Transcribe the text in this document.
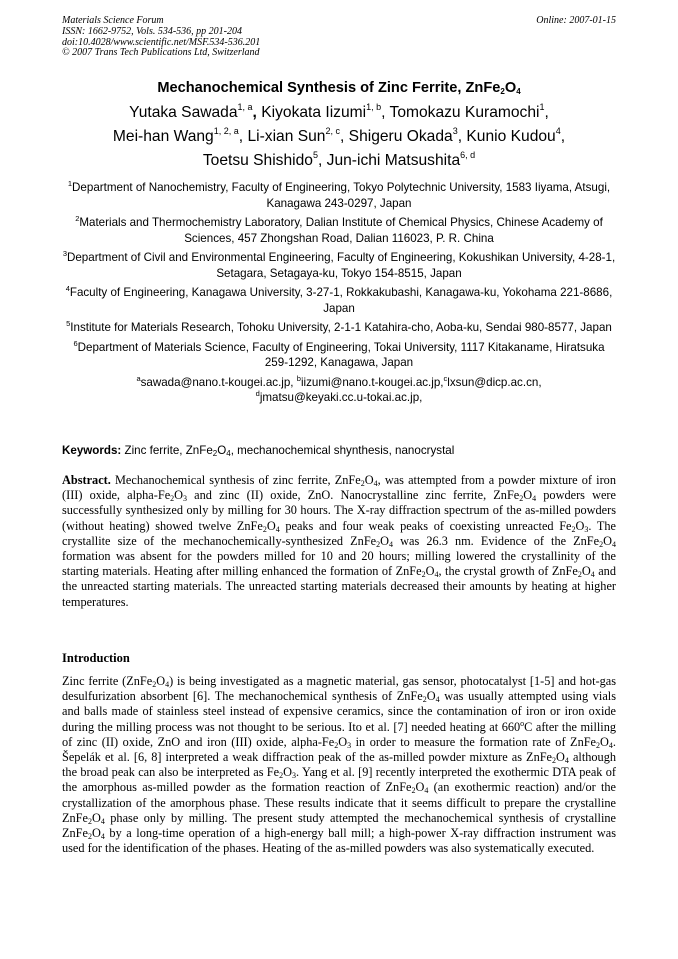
Materials Science Forum
ISSN: 1662-9752, Vols. 534-536, pp 201-204
doi:10.4028/www.scientific.net/MSF.534-536.201
© 2007 Trans Tech Publications Ltd, Switzerland
Online: 2007-01-15
Mechanochemical Synthesis of Zinc Ferrite, $ZnFe_2O_4$
Yutaka Sawada$^{1, a}$, Kiyokata Iizumi$^{1, b}$, Tomokazu Kuramochi$^1$,
Mei-han Wang$^{1, 2, a}$, Li-xian Sun$^{2, c}$, Shigeru Okada$^3$, Kunio Kudou$^4$,
Toetsu Shishido$^5$, Jun-ichi Matsushita$^{6, d}$
$^1$Department of Nanochemistry, Faculty of Engineering, Tokyo Polytechnic University, 1583 Iiyama, Atsugi, Kanagawa 243-0297, Japan
$^2$Materials and Thermochemistry Laboratory, Dalian Institute of Chemical Physics, Chinese Academy of Sciences, 457 Zhongshan Road, Dalian 116023, P. R. China
$^3$Department of Civil and Environmental Engineering, Faculty of Engineering, Kokushikan University, 4-28-1, Setagara, Setagaya-ku, Tokyo 154-8515, Japan
$^4$Faculty of Engineering, Kanagawa University, 3-27-1, Rokkakubashi, Kanagawa-ku, Yokohama 221-8686, Japan
$^5$Institute for Materials Research, Tohoku University, 2-1-1 Katahira-cho, Aoba-ku, Sendai 980-8577, Japan
$^6$Department of Materials Science, Faculty of Engineering, Tokai University, 1117 Kitakaname, Hiratsuka 259-1292, Kanagawa, Japan
$^a$sawada@nano.t-kougei.ac.jp, $^b$iizumi@nano.t-kougei.ac.jp,$^c$lxsun@dicp.ac.cn,
$^d$jmatsu@keyaki.cc.u-tokai.ac.jp,
Keywords: Zinc ferrite, $ZnFe_2O_4$, mechanochemical shynthesis, nanocrystal
Abstract. Mechanochemical synthesis of zinc ferrite, $ZnFe_2O_4$, was attempted from a powder mixture of iron (III) oxide, alpha-$Fe_2O_3$ and zinc (II) oxide, ZnO. Nanocrystalline zinc ferrite, $ZnFe_2O_4$ powders were successfully synthesized only by milling for 30 hours. The X-ray diffraction spectrum of the as-milled powders (without heating) showed twelve $ZnFe_2O_4$ peaks and four weak peaks of coexisting unreacted $Fe_2O_3$. The crystallite size of the mechanochemically-synthesized $ZnFe_2O_4$ was 26.3 nm. Evidence of the $ZnFe_2O_4$ formation was absent for the powders milled for 10 and 20 hours; milling lowered the crystallinity of the starting materials. Heating after milling enhanced the formation of $ZnFe_2O_4$, the crystal growth of $ZnFe_2O_4$ and the unreacted starting materials. The unreacted starting materials decreased their amounts by heating at higher temperatures.
Introduction
Zinc ferrite $(ZnFe_2O_4)$ is being investigated as a magnetic material, gas sensor, photocatalyst [1-5] and hot-gas desulfurization absorbent [6]. The mechanochemical synthesis of $ZnFe_2O_4$ was usually attempted using vials and balls made of stainless steel instead of expensive ceramics, since the contamination of iron or iron oxide during the milling process was not thought to be serious. Ito et al. [7] needed heating at 660$^o$C after the milling of zinc (II) oxide, ZnO and iron (III) oxide, alpha-$Fe_2O_3$ in order to measure the formation rate of $ZnFe_2O_4$. Šepelák et al. [6, 8] interpreted a weak diffraction peak of the as-milled powder mixture as $ZnFe_2O_4$ although the broad peak can also be interpreted as $Fe_2O_3$. Yang et al. [9] recently interpreted the exothermic DTA peak of the amorphous as-milled powder as the formation reaction of $ZnFe_2O_4$ (an exothermic reaction) and/or the crystallization of the amorphous phase. These results indicate that it seems difficult to prepare the crystalline $ZnFe_2O_4$ phase only by milling. The present study attempted the mechanochemical synthesis of crystalline $ZnFe_2O_4$ by a long-time operation of a high-energy ball mill; a high-power X-ray diffraction instrument was used for the identification of the phases. Heating of the as-milled powders was also systematically executed.
